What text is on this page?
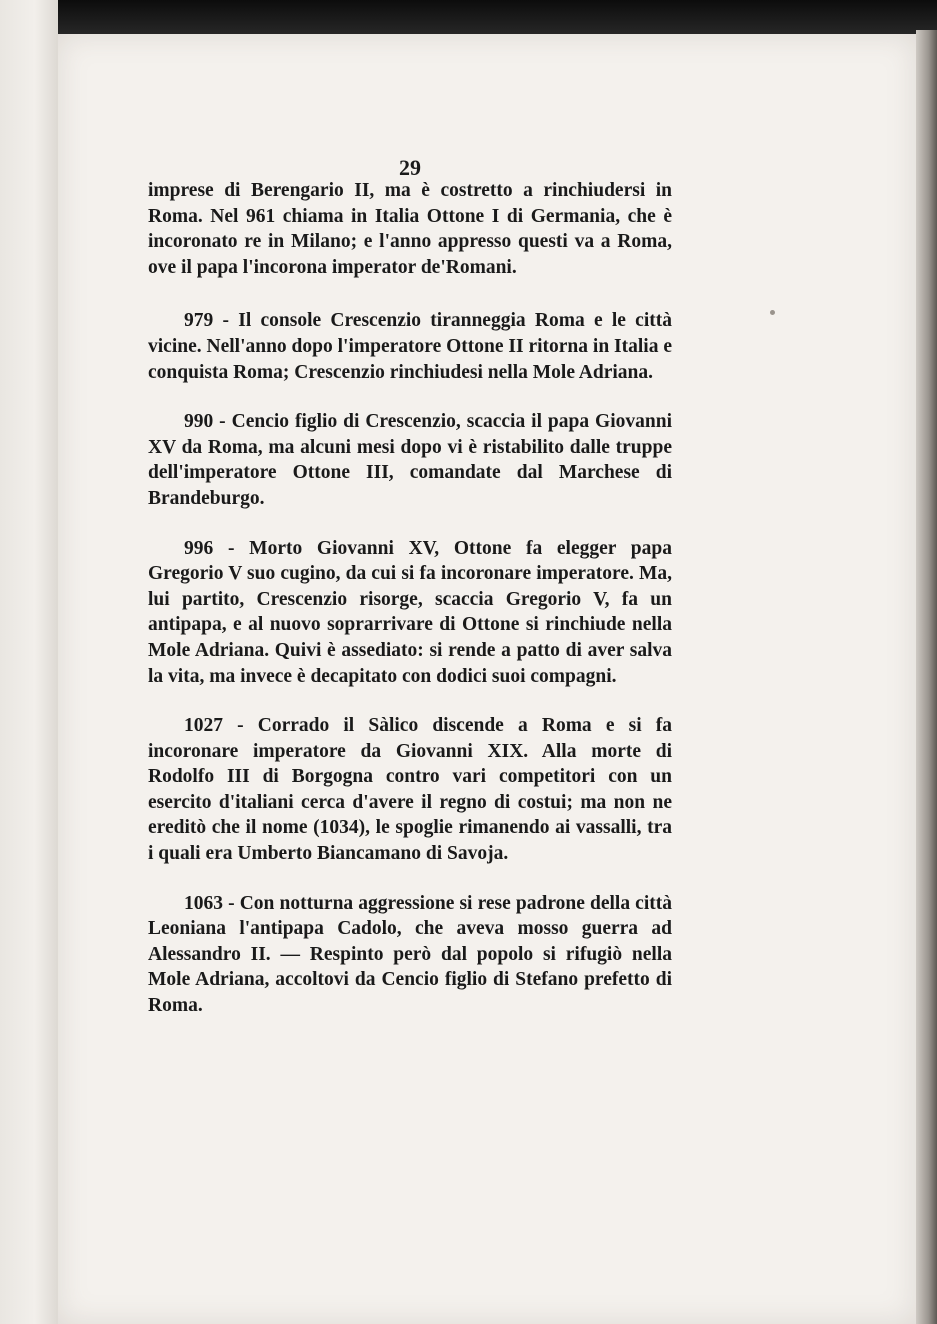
29

imprese di Berengario II, ma è costretto a rinchiudersi in Roma. Nel 961 chiama in Italia Ottone I di Germania, che è incoronato re in Milano; e l'anno appresso questi va a Roma, ove il papa l'incorona imperator de'Romani.

979 - Il console Crescenzio tiranneggia Roma e le città vicine. Nell'anno dopo l'imperatore Ottone II ritorna in Italia e conquista Roma; Crescenzio rinchiudesi nella Mole Adriana.

990 - Cencio figlio di Crescenzio, scaccia il papa Giovanni XV da Roma, ma alcuni mesi dopo vi è ristabilito dalle truppe dell'imperatore Ottone III, comandate dal Marchese di Brandeburgo.

996 - Morto Giovanni XV, Ottone fa elegger papa Gregorio V suo cugino, da cui si fa incoronare imperatore. Ma, lui partito, Crescenzio risorge, scaccia Gregorio V, fa un antipapa, e al nuovo soprarrivare di Ottone si rinchiude nella Mole Adriana. Quivi è assediato: si rende a patto di aver salva la vita, ma invece è decapitato con dodici suoi compagni.

1027 - Corrado il Sàlico discende a Roma e si fa incoronare imperatore da Giovanni XIX. Alla morte di Rodolfo III di Borgogna contro vari competitori con un esercito d'italiani cerca d'avere il regno di costui; ma non ne ereditò che il nome (1034), le spoglie rimanendo ai vassalli, tra i quali era Umberto Biancamano di Savoja.

1063 - Con notturna aggressione si rese padrone della città Leoniana l'antipapa Cadolo, che aveva mosso guerra ad Alessandro II. — Respinto però dal popolo si rifugiò nella Mole Adriana, accoltovi da Cencio figlio di Stefano prefetto di Roma.
